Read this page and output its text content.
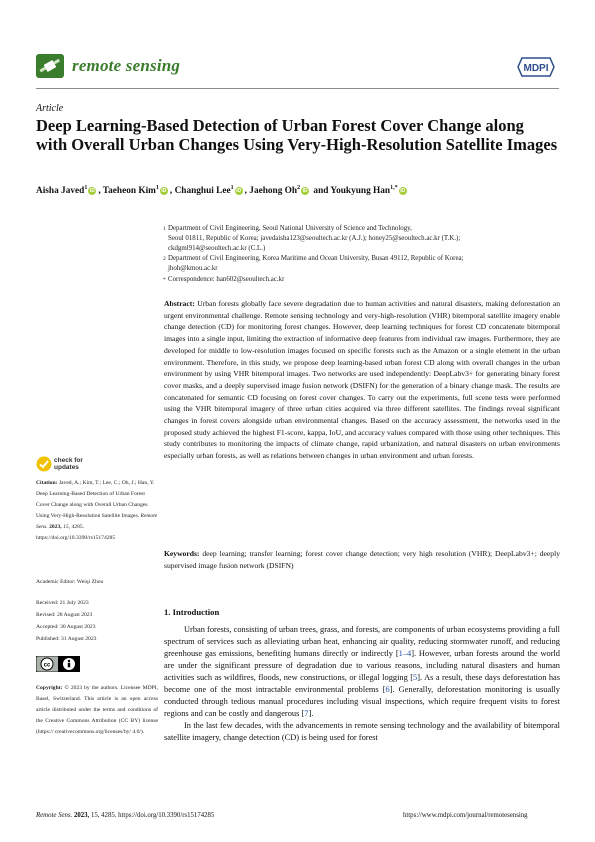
remote sensing	MDPI
Article
Deep Learning-Based Detection of Urban Forest Cover Change along with Overall Urban Changes Using Very-High-Resolution Satellite Images
Aisha Javed$^1$ iD , Taeheon Kim$^1$ iD , Changhui Lee$^1$ iD , Jaehong Oh$^2$ iD and Youkyung Han$^{1,*}$ iD
1 Department of Civil Engineering, Seoul National University of Science and Technology,
Seoul 01811, Republic of Korea; javedaisha123@seoultech.ac.kr (A.J.); honey25@seoultech.ac.kr (T.K.);
ckdgml914@seoultech.ac.kr (C.L.)
2 Department of Civil Engineering, Korea Maritime and Ocean University, Busan 49112, Republic of Korea;
jhoh@kmou.ac.kr
* Correspondence: han602@seoultech.ac.kr
Abstract: Urban forests globally face severe degradation due to human activities and natural disasters, making deforestation an urgent environmental challenge. Remote sensing technology and very-high-resolution (VHR) bitemporal satellite imagery enable change detection (CD) for monitoring forest changes. However, deep learning techniques for forest CD concatenate bitemporal images into a single input, limiting the extraction of informative deep features from individual raw images. Furthermore, they are developed for middle to low-resolution images focused on specific forests such as the Amazon or a single element in the urban environment. Therefore, in this study, we propose deep learning-based urban forest CD along with overall changes in the urban environment by using VHR bitemporal images. Two networks are used independently: DeepLabv3+ for generating binary forest cover masks, and a deeply supervised image fusion network (DSIFN) for the generation of a binary change mask. The results are concatenated for semantic CD focusing on forest cover changes. To carry out the experiments, full scene tests were performed using the VHR bitemporal imagery of three urban cities acquired via three different satellites. The findings reveal significant changes in forest covers alongside urban environmental changes. Based on the accuracy assessment, the networks used in the proposed study achieved the highest F1-score, kappa, IoU, and accuracy values compared with those using other techniques. This study contributes to monitoring the impacts of climate change, rapid urbanization, and natural disasters on urban environments especially urban forests, as well as relations between changes in urban environment and urban forests.
Keywords: deep learning; transfer learning; forest cover change detection; very high resolution (VHR); DeepLabv3+; deeply supervised image fusion network (DSIFN)
check for
updates
Citation: Javed, A.; Kim, T.; Lee, C.; Oh, J.; Han, Y. Deep Learning-Based Detection of Urban Forest Cover Change along with Overall Urban Changes Using Very-High-Resolution Satellite Images. Remote Sens. 2023, 15, 4285. https://doi.org/10.3390/rs15174285
Academic Editor: Weiqi Zhou
Received: 21 July 2023
Revised: 28 August 2023
Accepted: 30 August 2023
Published: 31 August 2023
cc
Copyright: © 2023 by the authors. Licensee MDPI, Basel, Switzerland. This article is an open access article distributed under the terms and conditions of the Creative Commons Attribution (CC BY) license (https:// creativecommons.org/licenses/by/ 4.0/).
1. Introduction

Urban forests, consisting of urban trees, grass, and forests, are components of urban ecosystems providing a full spectrum of services such as alleviating urban heat, enhancing air quality, reducing stormwater runoff, and reducing greenhouse gas emissions, benefiting humans directly or indirectly [1–4]. However, urban forests around the world are under the significant pressure of degradation due to various reasons, including natural disasters and human activities such as wildfires, floods, new constructions, or illegal logging [5]. As a result, these days deforestation has become one of the most intractable environmental problems [6]. Generally, deforestation monitoring is usually conducted through tedious manual procedures including visual inspections, which require frequent visits to forest regions and can be costly and dangerous [7].

In the last few decades, with the advancements in remote sensing technology and the availability of bitemporal satellite imagery, change detection (CD) is being used for forest

Remote Sens. 2023, 15, 4285. https://doi.org/10.3390/rs15174285	https://www.mdpi.com/journal/remotesensing
